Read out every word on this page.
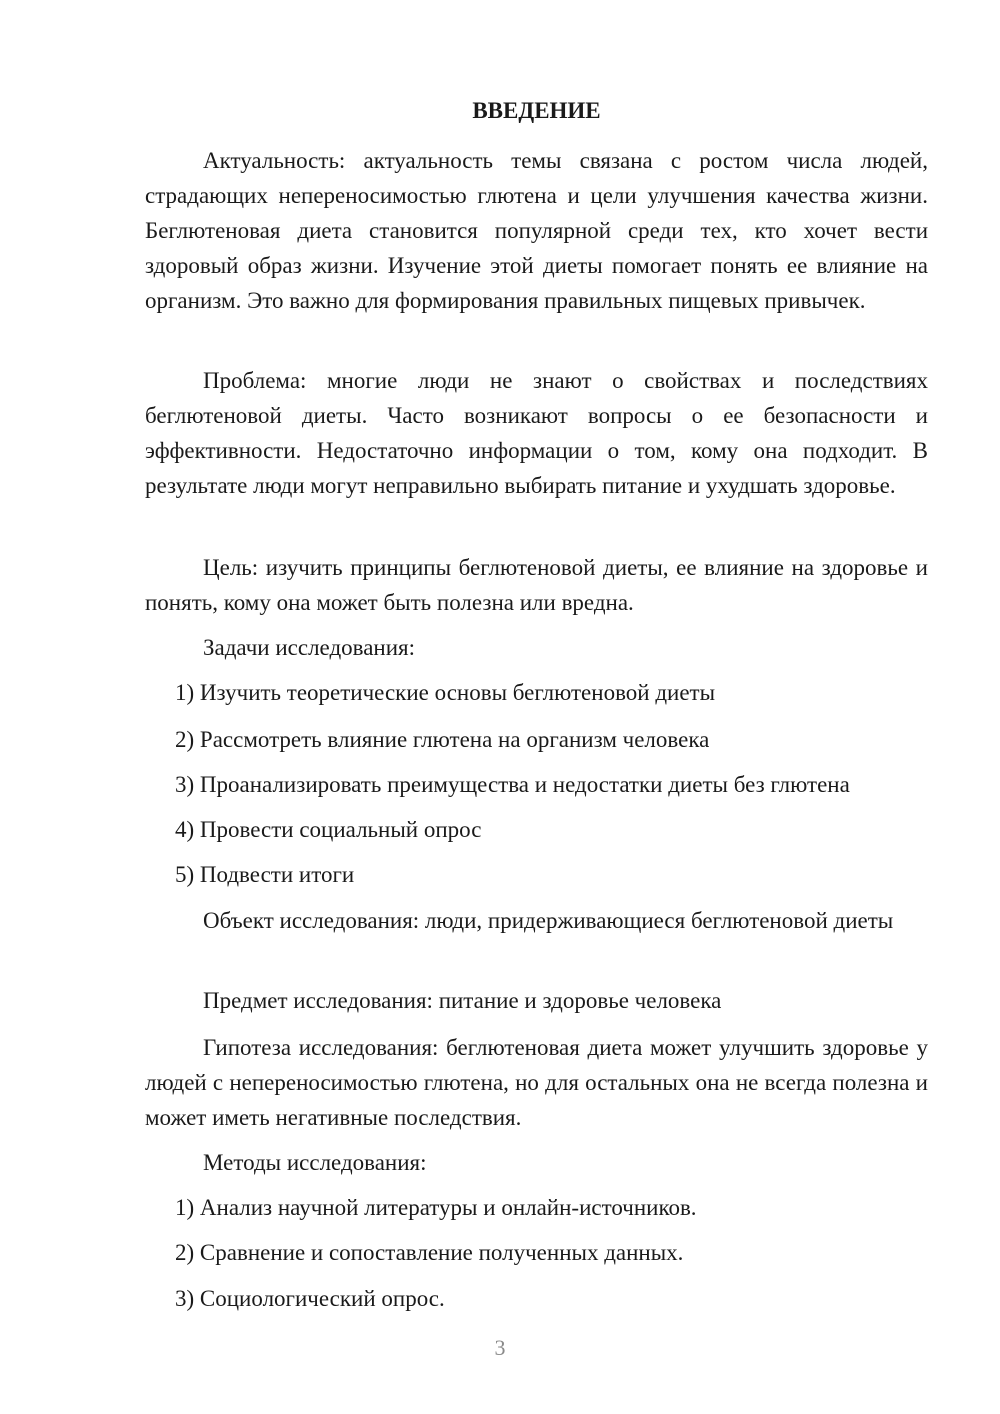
ВВЕДЕНИЕ

Актуальность: актуальность темы связана с ростом числа людей, страдающих непереносимостью глютена и цели улучшения качества жизни. Беглютеновая диета становится популярной среди тех, кто хочет вести здоровый образ жизни. Изучение этой диеты помогает понять ее влияние на организм. Это важно для формирования правильных пищевых привычек.

Проблема: многие люди не знают о свойствах и последствиях беглютеновой диеты. Часто возникают вопросы о ее безопасности и эффективности. Недостаточно информации о том, кому она подходит. В результате люди могут неправильно выбирать питание и ухудшать здоровье.

Цель: изучить принципы беглютеновой диеты, ее влияние на здоровье и понять, кому она может быть полезна или вредна.

Задачи исследования:

1) Изучить теоретические основы беглютеновой диеты
2) Рассмотреть влияние глютена на организм человека
3) Проанализировать преимущества и недостатки диеты без глютена
4) Провести социальный опрос
5) Подвести итоги

Объект исследования: люди, придерживающиеся беглютеновой диеты

Предмет исследования: питание и здоровье человека

Гипотеза исследования: беглютеновая диета может улучшить здоровье у людей с непереносимостью глютена, но для остальных она не всегда полезна и может иметь негативные последствия.

Методы исследования:

1) Анализ научной литературы и онлайн-источников.
2) Сравнение и сопоставление полученных данных.
3) Социологический опрос.
3
